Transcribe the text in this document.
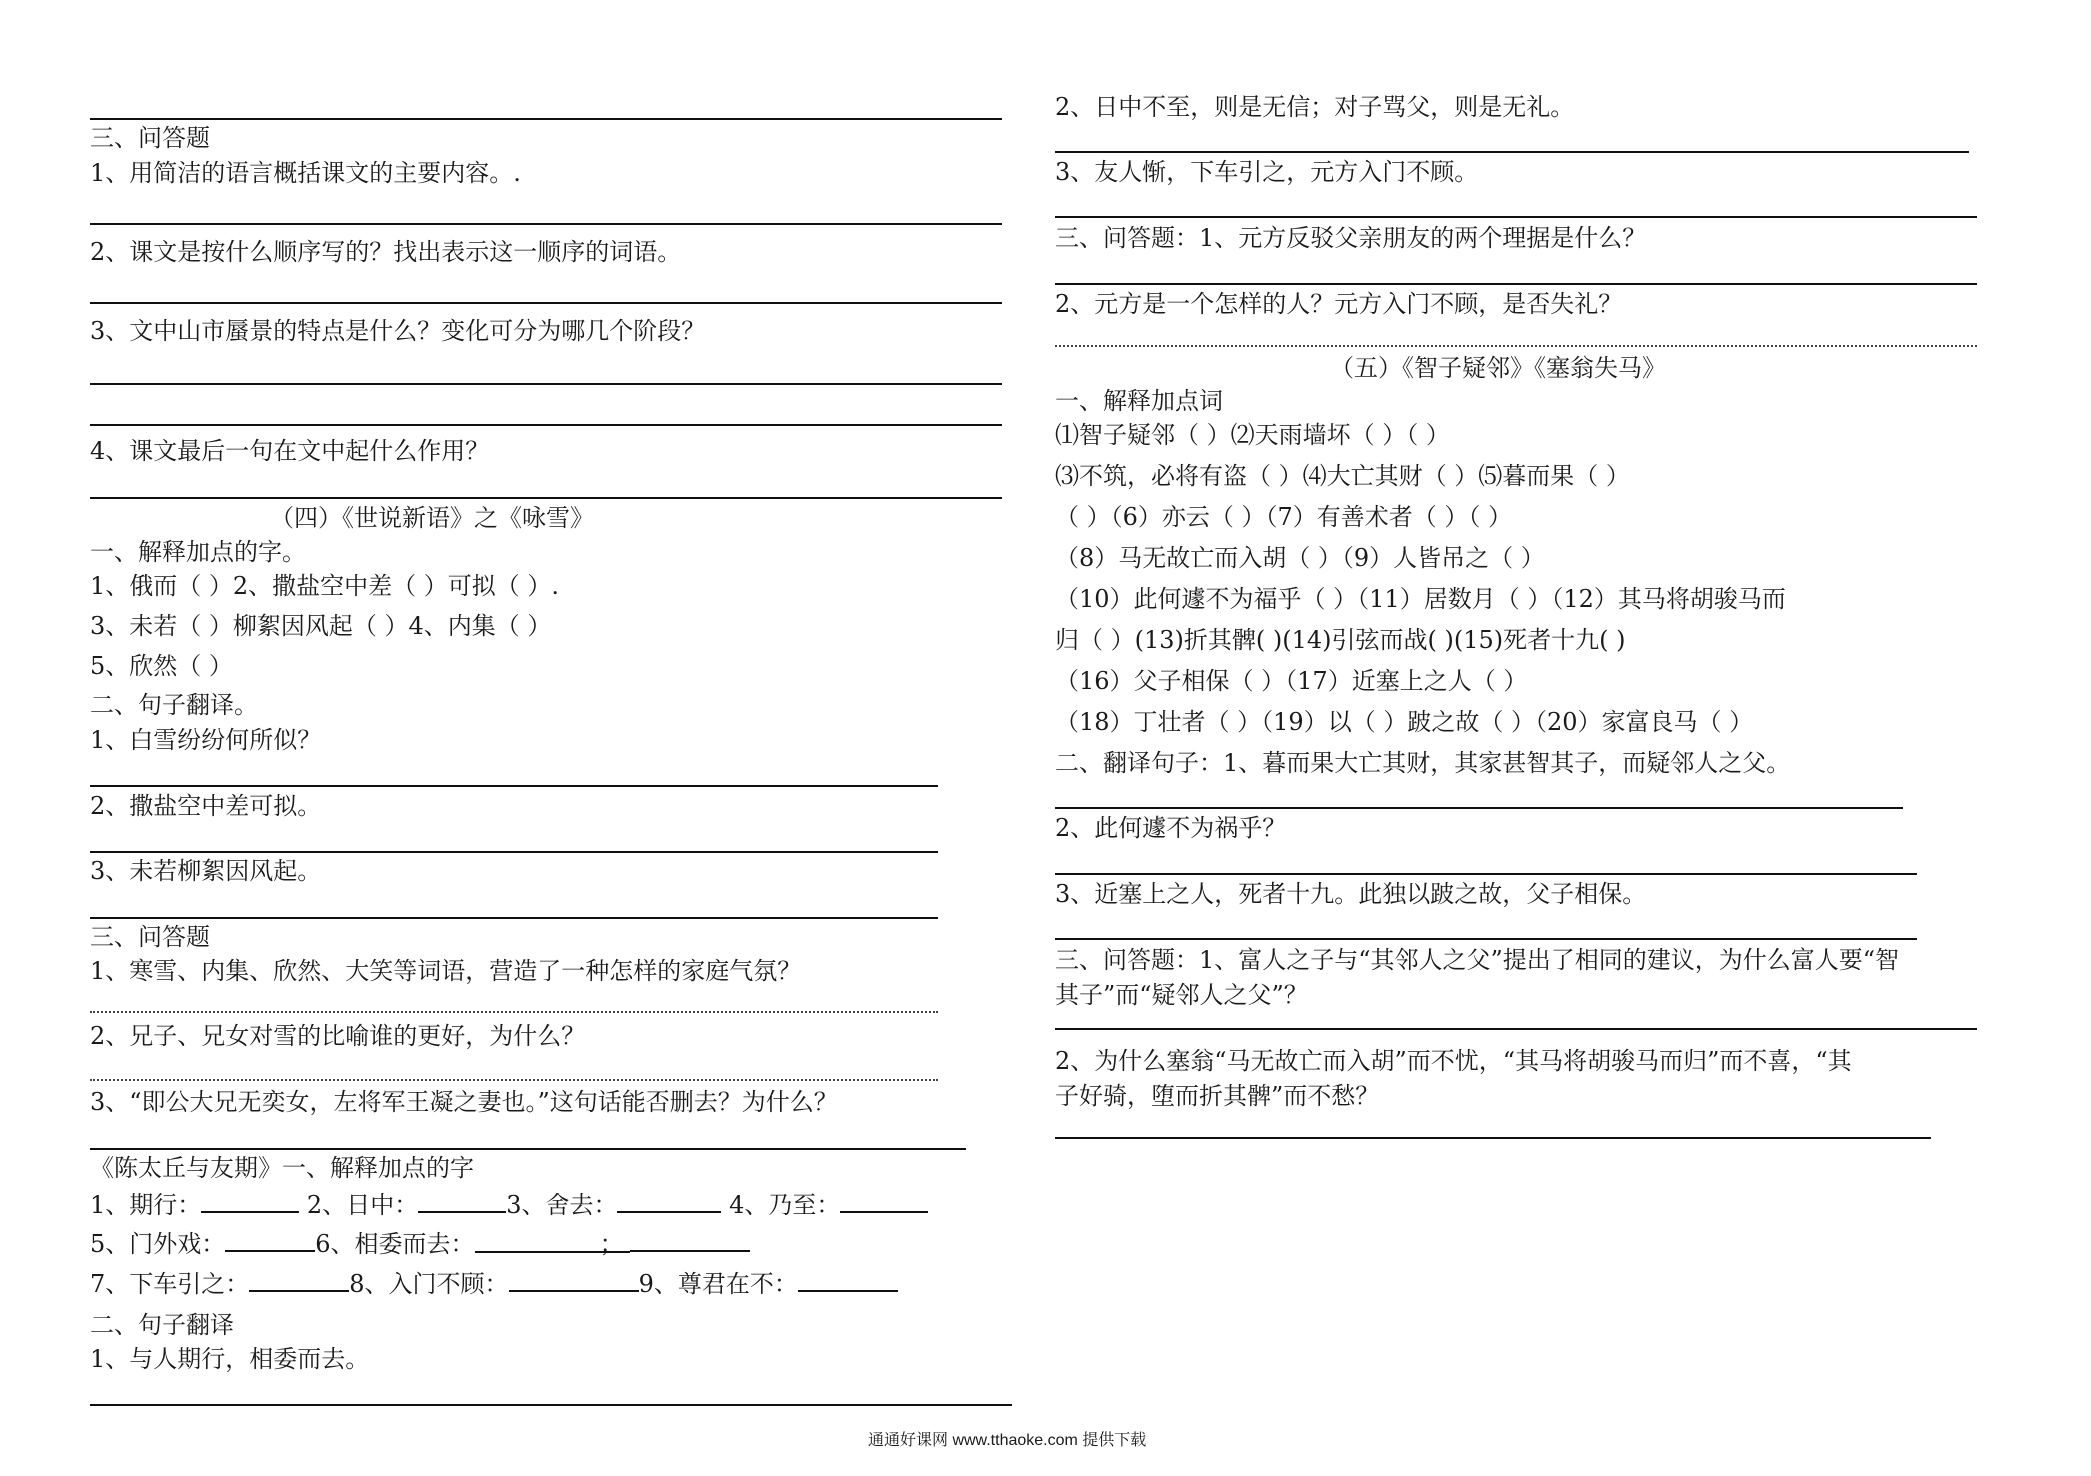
三、问答题
1、用简洁的语言概括课文的主要内容。.
2、课文是按什么顺序写的？找出表示这一顺序的词语。
3、文中山市蜃景的特点是什么？变化可分为哪几个阶段？
4、课文最后一句在文中起什么作用？
（四）《世说新语》之《咏雪》
一、解释加点的字。
1、俄而（ ）2、撒盐空中差（ ）可拟（ ）.
3、未若（ ）柳絮因风起（ ）4、内集（ ）
5、欣然（ ）
二、句子翻译。
1、白雪纷纷何所似？
2、撒盐空中差可拟。
3、未若柳絮因风起。
三、问答题
1、寒雪、内集、欣然、大笑等词语，营造了一种怎样的家庭气氛？
2、兄子、兄女对雪的比喻谁的更好，为什么？
3、“即公大兄无奕女，左将军王凝之妻也。”这句话能否删去？为什么？
《陈太丘与友期》一、解释加点的字
1、期行：	2、日中：	3、舍去：	4、乃至：
5、门外戏：	6、相委而去：	；
7、下车引之：	8、入门不顾：	9、尊君在不：
二、句子翻译
1、与人期行，相委而去。
2、日中不至，则是无信；对子骂父，则是无礼。
3、友人惭，下车引之，元方入门不顾。
三、问答题：1、元方反驳父亲朋友的两个理据是什么？
2、元方是一个怎样的人？元方入门不顾，是否失礼？
（五）《智子疑邻》《塞翁失马》
一、解释加点词
⑴智子疑邻（ ）⑵天雨墙坏（ ）（ ）
⑶不筑，必将有盗（ ）⑷大亡其财（ ）⑸暮而果（ ）
（ ）（6）亦云（ ）（7）有善术者（ ）（ ）
（8）马无故亡而入胡（ ）（9）人皆吊之（ ）
（10）此何遽不为福乎（ ）（11）居数月（ ）（12）其马将胡骏马而
归（ ）(13)折其髀( )(14)引弦而战( )(15)死者十九( )
（16）父子相保（ ）（17）近塞上之人（ ）
（18）丁壮者（ ）（19）以（ ）跛之故（ ）（20）家富良马（ ）
二、翻译句子：1、暮而果大亡其财，其家甚智其子，而疑邻人之父。
2、此何遽不为祸乎？
3、近塞上之人，死者十九。此独以跛之故，父子相保。
三、问答题：1、富人之子与“其邻人之父”提出了相同的建议，为什么富人要“智
其子”而“疑邻人之父”？
2、为什么塞翁“马无故亡而入胡”而不忧，“其马将胡骏马而归”而不喜，“其
子好骑，堕而折其髀”而不愁？
通通好课网 www.tthaoke.com 提供下载
